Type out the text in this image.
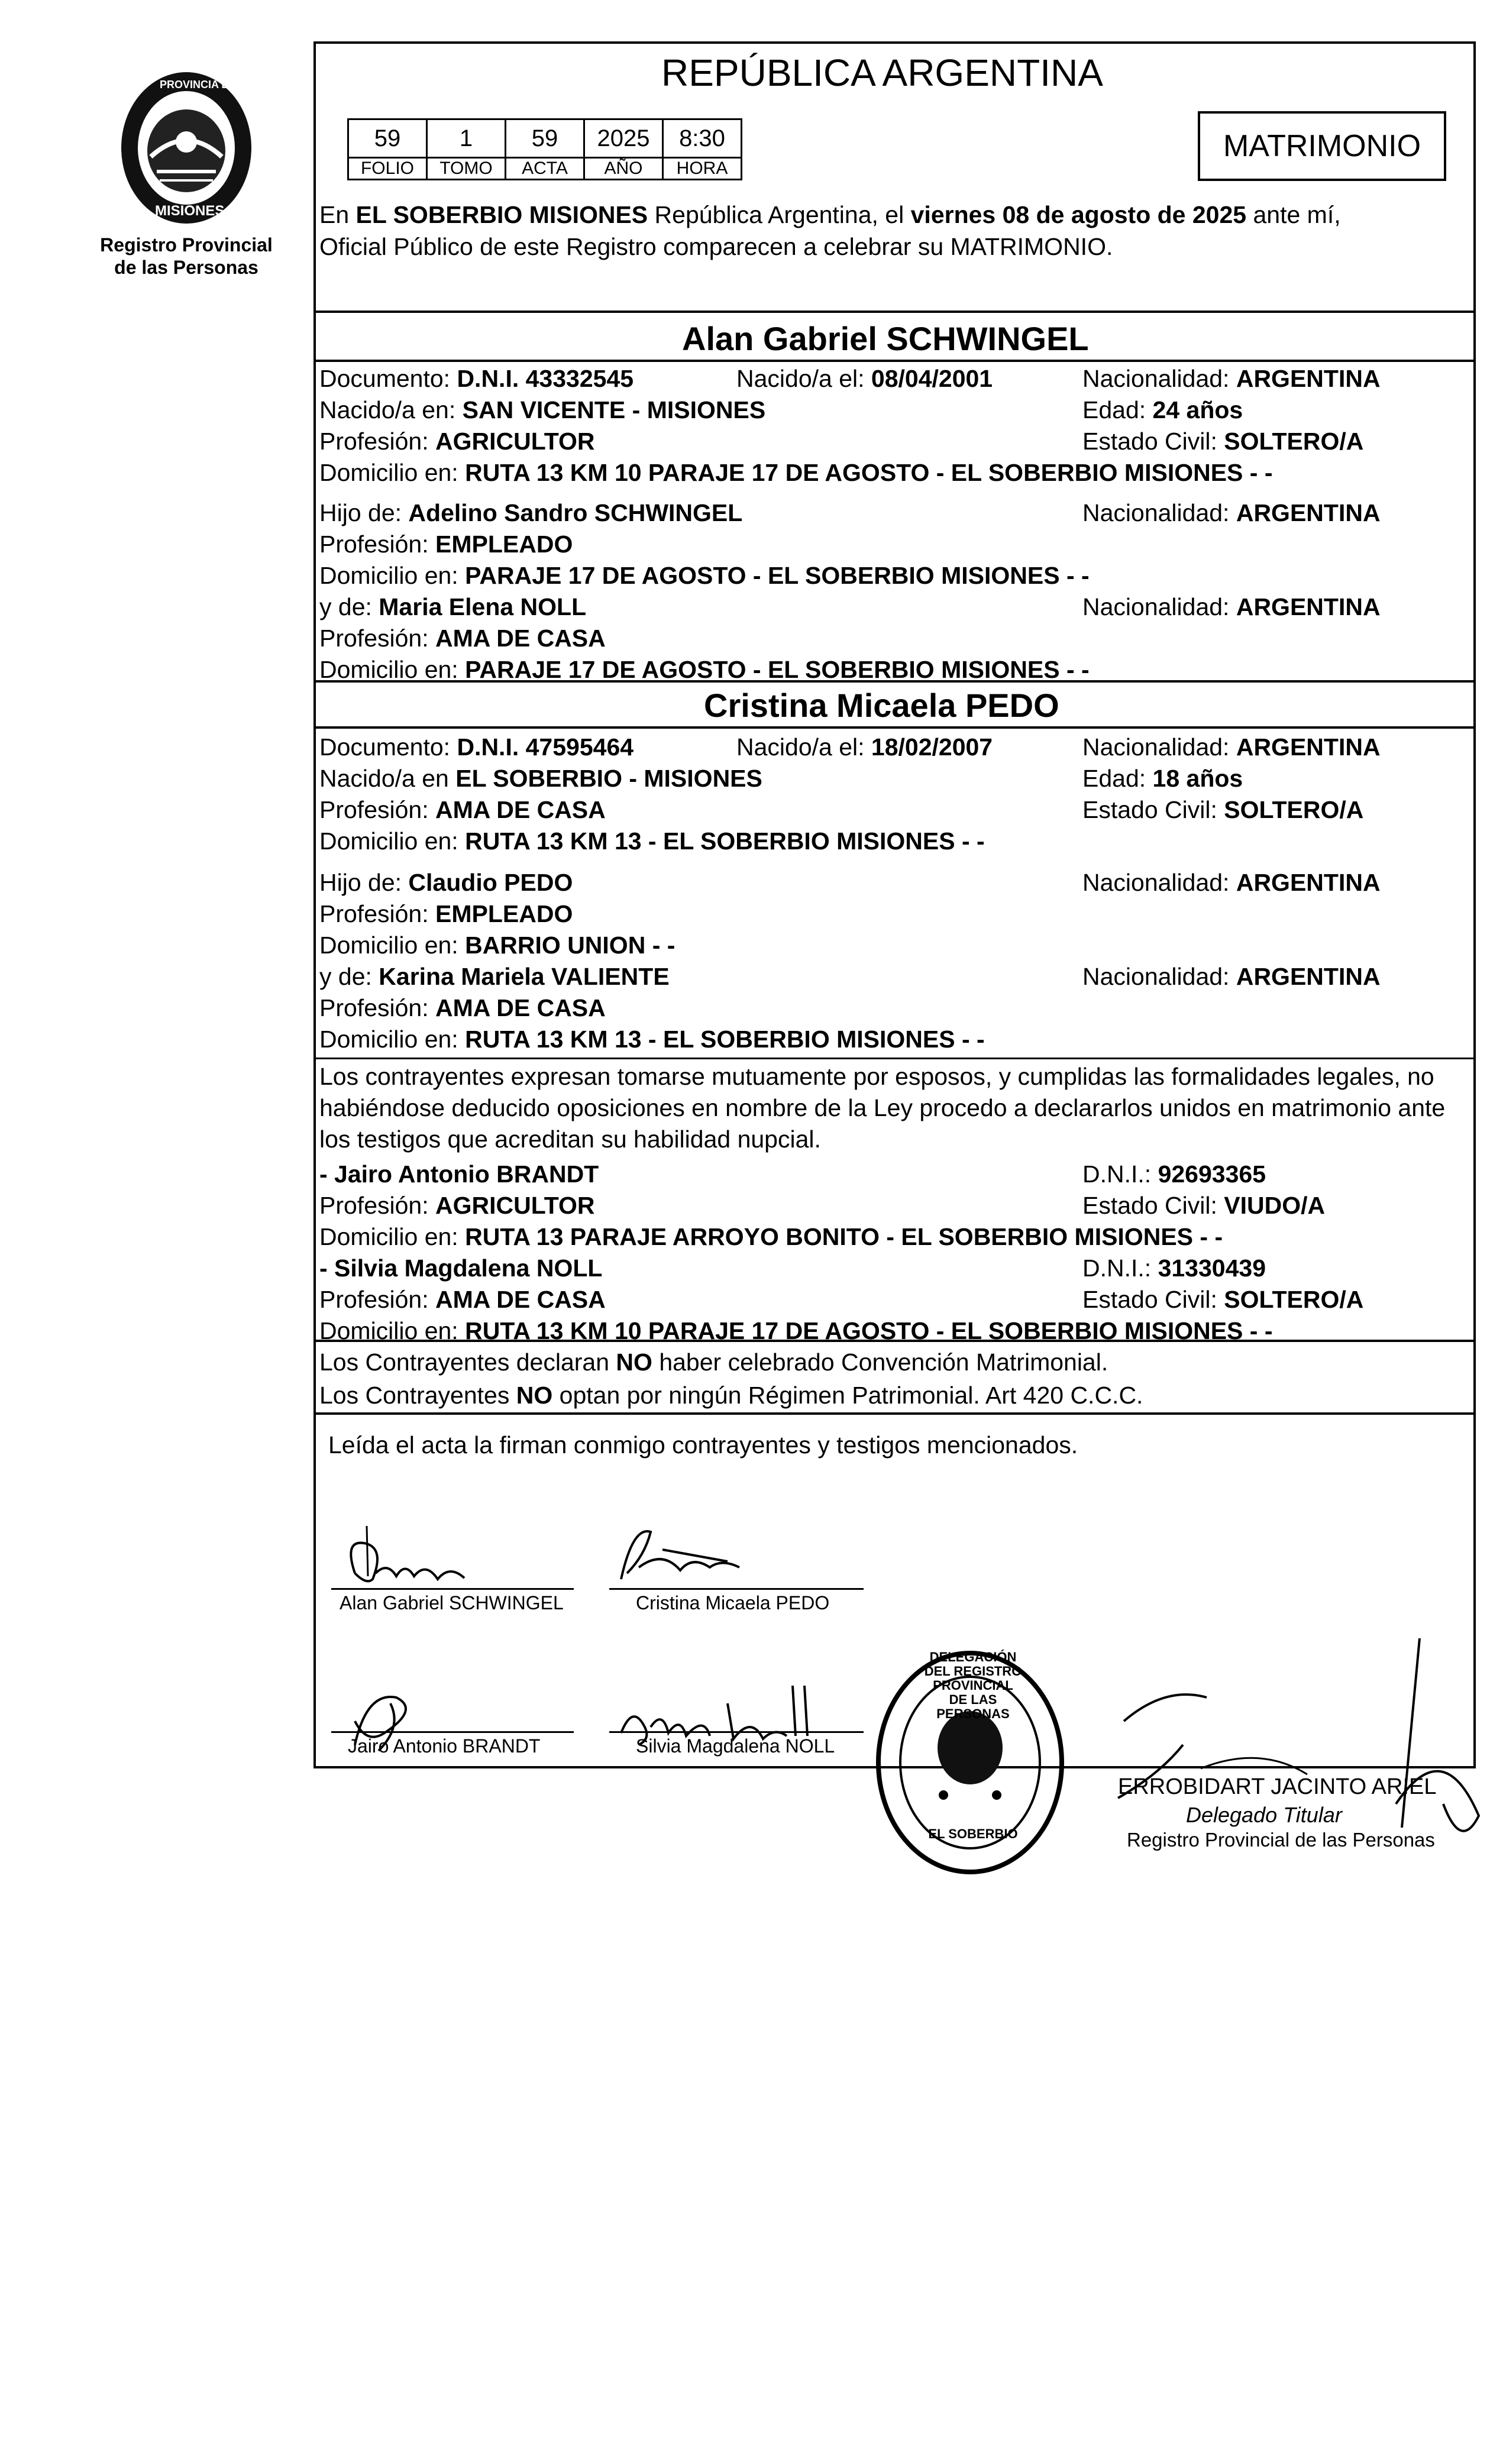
PROVINCIA DE
MISIONES
Registro Provincial
de las Personas
REPÚBLICA ARGENTINA
59	1	59	2025	8:30
FOLIO	TOMO	ACTA	AÑO	HORA
MATRIMONIO
En EL SOBERBIO MISIONES República Argentina, el viernes 08 de agosto de 2025 ante mí,
Oficial Público de este Registro comparecen a celebrar su MATRIMONIO.
Alan Gabriel SCHWINGEL
Documento: D.N.I. 43332545	Nacido/a el: 08/04/2001	Nacionalidad: ARGENTINA
Nacido/a en: SAN VICENTE - MISIONES	Edad: 24 años
Profesión: AGRICULTOR	Estado Civil: SOLTERO/A
Domicilio en: RUTA 13 KM 10 PARAJE 17 DE AGOSTO - EL SOBERBIO MISIONES - -
Hijo de: Adelino Sandro SCHWINGEL	Nacionalidad: ARGENTINA
Profesión: EMPLEADO
Domicilio en: PARAJE 17 DE AGOSTO - EL SOBERBIO MISIONES - -
y de: Maria Elena NOLL	Nacionalidad: ARGENTINA
Profesión: AMA DE CASA
Domicilio en: PARAJE 17 DE AGOSTO - EL SOBERBIO MISIONES - -
Cristina Micaela PEDO
Documento: D.N.I. 47595464	Nacido/a el: 18/02/2007	Nacionalidad: ARGENTINA
Nacido/a en EL SOBERBIO - MISIONES	Edad: 18 años
Profesión: AMA DE CASA	Estado Civil: SOLTERO/A
Domicilio en: RUTA 13 KM 13 - EL SOBERBIO MISIONES - -
Hijo de: Claudio PEDO	Nacionalidad: ARGENTINA
Profesión: EMPLEADO
Domicilio en: BARRIO UNION - -
y de: Karina Mariela VALIENTE	Nacionalidad: ARGENTINA
Profesión: AMA DE CASA
Domicilio en: RUTA 13 KM 13 - EL SOBERBIO MISIONES - -
Los contrayentes expresan tomarse mutuamente por esposos, y cumplidas las formalidades legales, no
habiéndose deducido oposiciones en nombre de la Ley procedo a declararlos unidos en matrimonio ante
los testigos que acreditan su habilidad nupcial.
- Jairo Antonio BRANDT	D.N.I.: 92693365
Profesión: AGRICULTOR	Estado Civil: VIUDO/A
Domicilio en: RUTA 13 PARAJE ARROYO BONITO - EL SOBERBIO MISIONES - -
- Silvia Magdalena NOLL	D.N.I.: 31330439
Profesión: AMA DE CASA	Estado Civil: SOLTERO/A
Domicilio en: RUTA 13 KM 10 PARAJE 17 DE AGOSTO - EL SOBERBIO MISIONES - -
Los Contrayentes declaran NO haber celebrado Convención Matrimonial.
Los Contrayentes NO optan por ningún Régimen Patrimonial. Art 420 C.C.C.
Leída el acta la firman conmigo contrayentes y testigos mencionados.
Alan Gabriel SCHWINGEL	Cristina Micaela PEDO
Jairo Antonio BRANDT	Silvia Magdalena NOLL
DELEGACIÓN DEL REGISTRO PROVINCIAL DE LAS PERSONAS
EL SOBERBIO
ERROBIDART JACINTO ARIEL
Delegado Titular
Registro Provincial de las Personas
